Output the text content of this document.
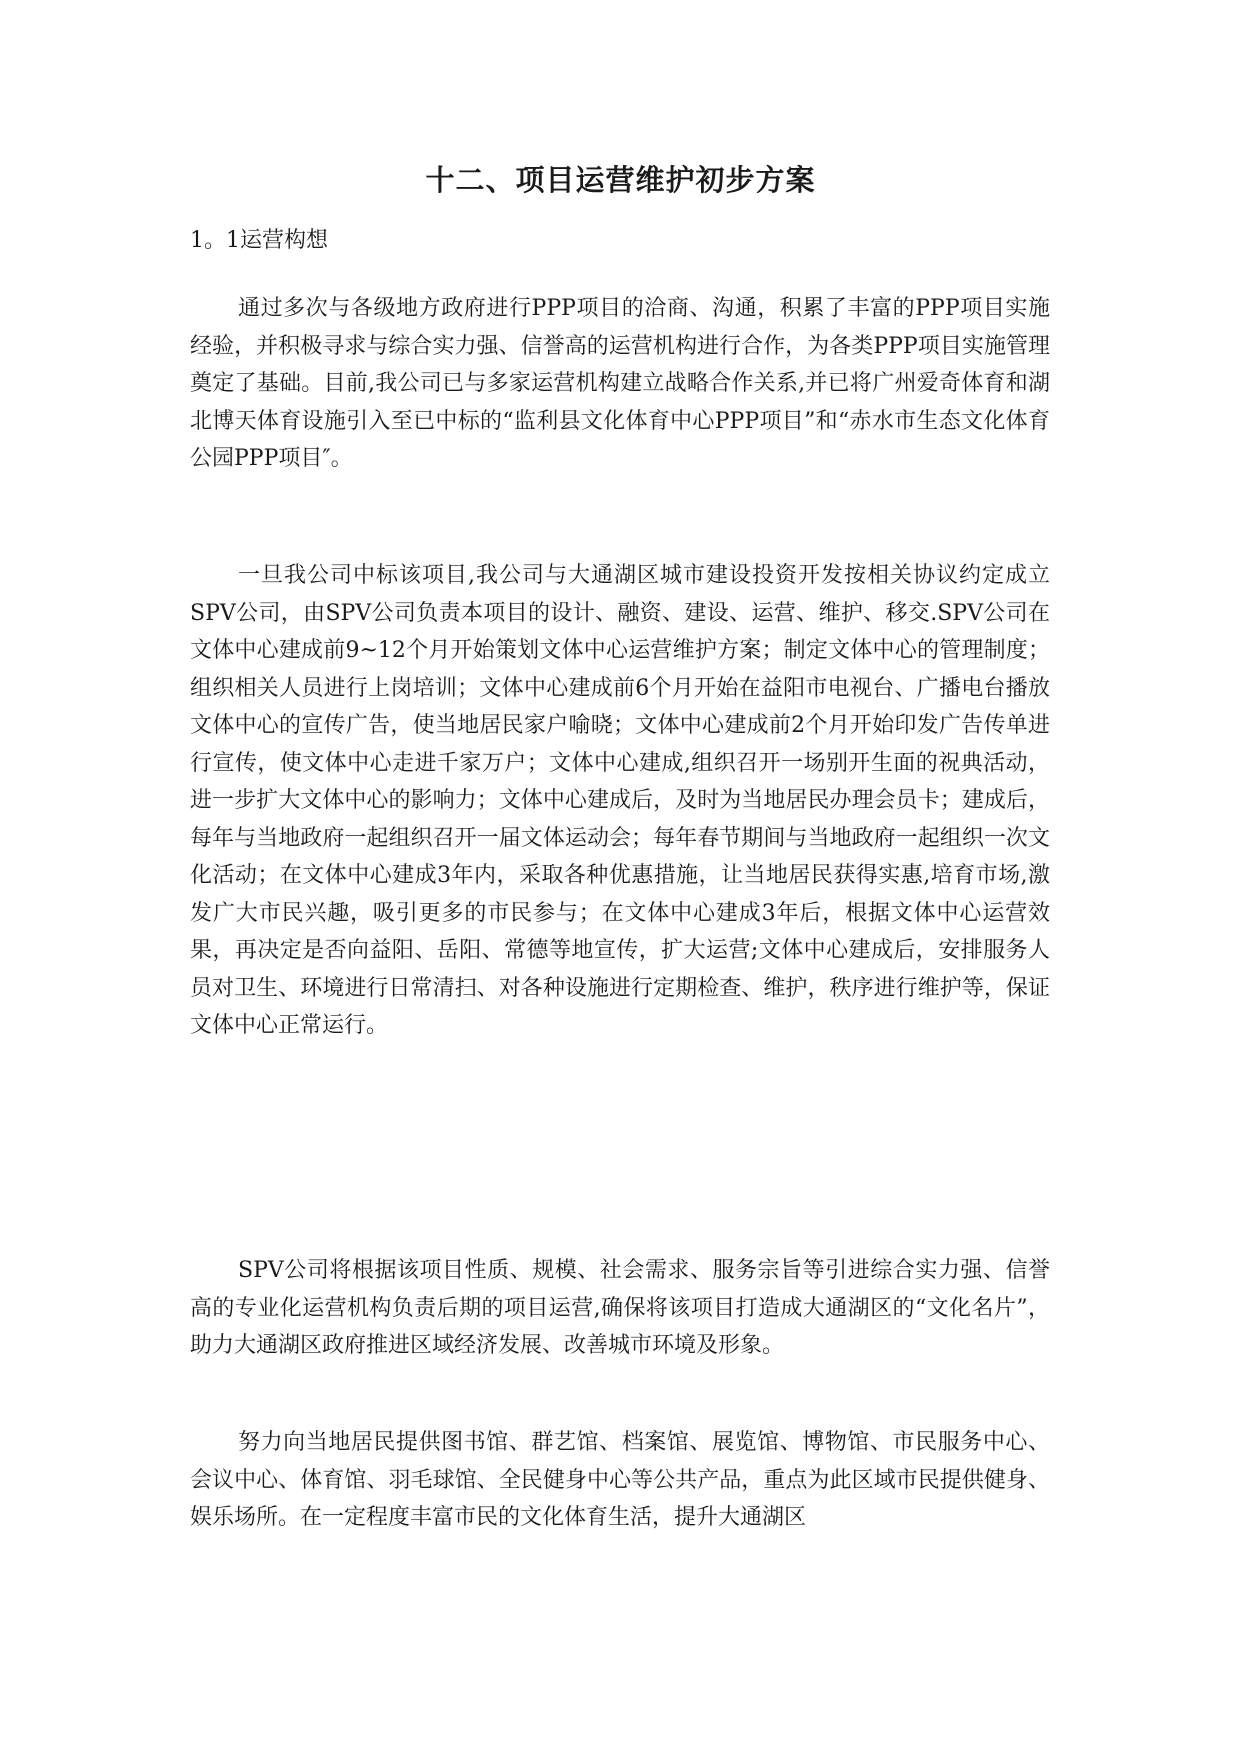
十二、项目运营维护初步方案
1。1运营构想

通过多次与各级地方政府进行PPP项目的洽商、沟通，积累了丰富的PPP项目实施经验，并积极寻求与综合实力强、信誉高的运营机构进行合作，为各类PPP项目实施管理奠定了基础。目前,我公司已与多家运营机构建立战略合作关系,并已将广州爱奇体育和湖北博天体育设施引入至已中标的“监利县文化体育中心PPP项目”和“赤水市生态文化体育公园PPP项目″。

一旦我公司中标该项目,我公司与大通湖区城市建设投资开发按相关协议约定成立SPV公司，由SPV公司负责本项目的设计、融资、建设、运营、维护、移交.SPV公司在文体中心建成前9~12个月开始策划文体中心运营维护方案；制定文体中心的管理制度；组织相关人员进行上岗培训；文体中心建成前6个月开始在益阳市电视台、广播电台播放文体中心的宣传广告，使当地居民家户喻晓；文体中心建成前2个月开始印发广告传单进行宣传，使文体中心走进千家万户；文体中心建成,组织召开一场别开生面的祝典活动，进一步扩大文体中心的影响力；文体中心建成后，及时为当地居民办理会员卡；建成后，每年与当地政府一起组织召开一届文体运动会；每年春节期间与当地政府一起组织一次文化活动；在文体中心建成3年内，采取各种优惠措施，让当地居民获得实惠,培育市场,激发广大市民兴趣，吸引更多的市民参与；在文体中心建成3年后，根据文体中心运营效果，再决定是否向益阳、岳阳、常德等地宣传，扩大运营;文体中心建成后，安排服务人员对卫生、环境进行日常清扫、对各种设施进行定期检查、维护，秩序进行维护等，保证文体中心正常运行。

SPV公司将根据该项目性质、规模、社会需求、服务宗旨等引进综合实力强、信誉高的专业化运营机构负责后期的项目运营,确保将该项目打造成大通湖区的“文化名片”，助力大通湖区政府推进区域经济发展、改善城市环境及形象。

努力向当地居民提供图书馆、群艺馆、档案馆、展览馆、博物馆、市民服务中心、会议中心、体育馆、羽毛球馆、全民健身中心等公共产品，重点为此区域市民提供健身、娱乐场所。在一定程度丰富市民的文化体育生活，提升大通湖区
